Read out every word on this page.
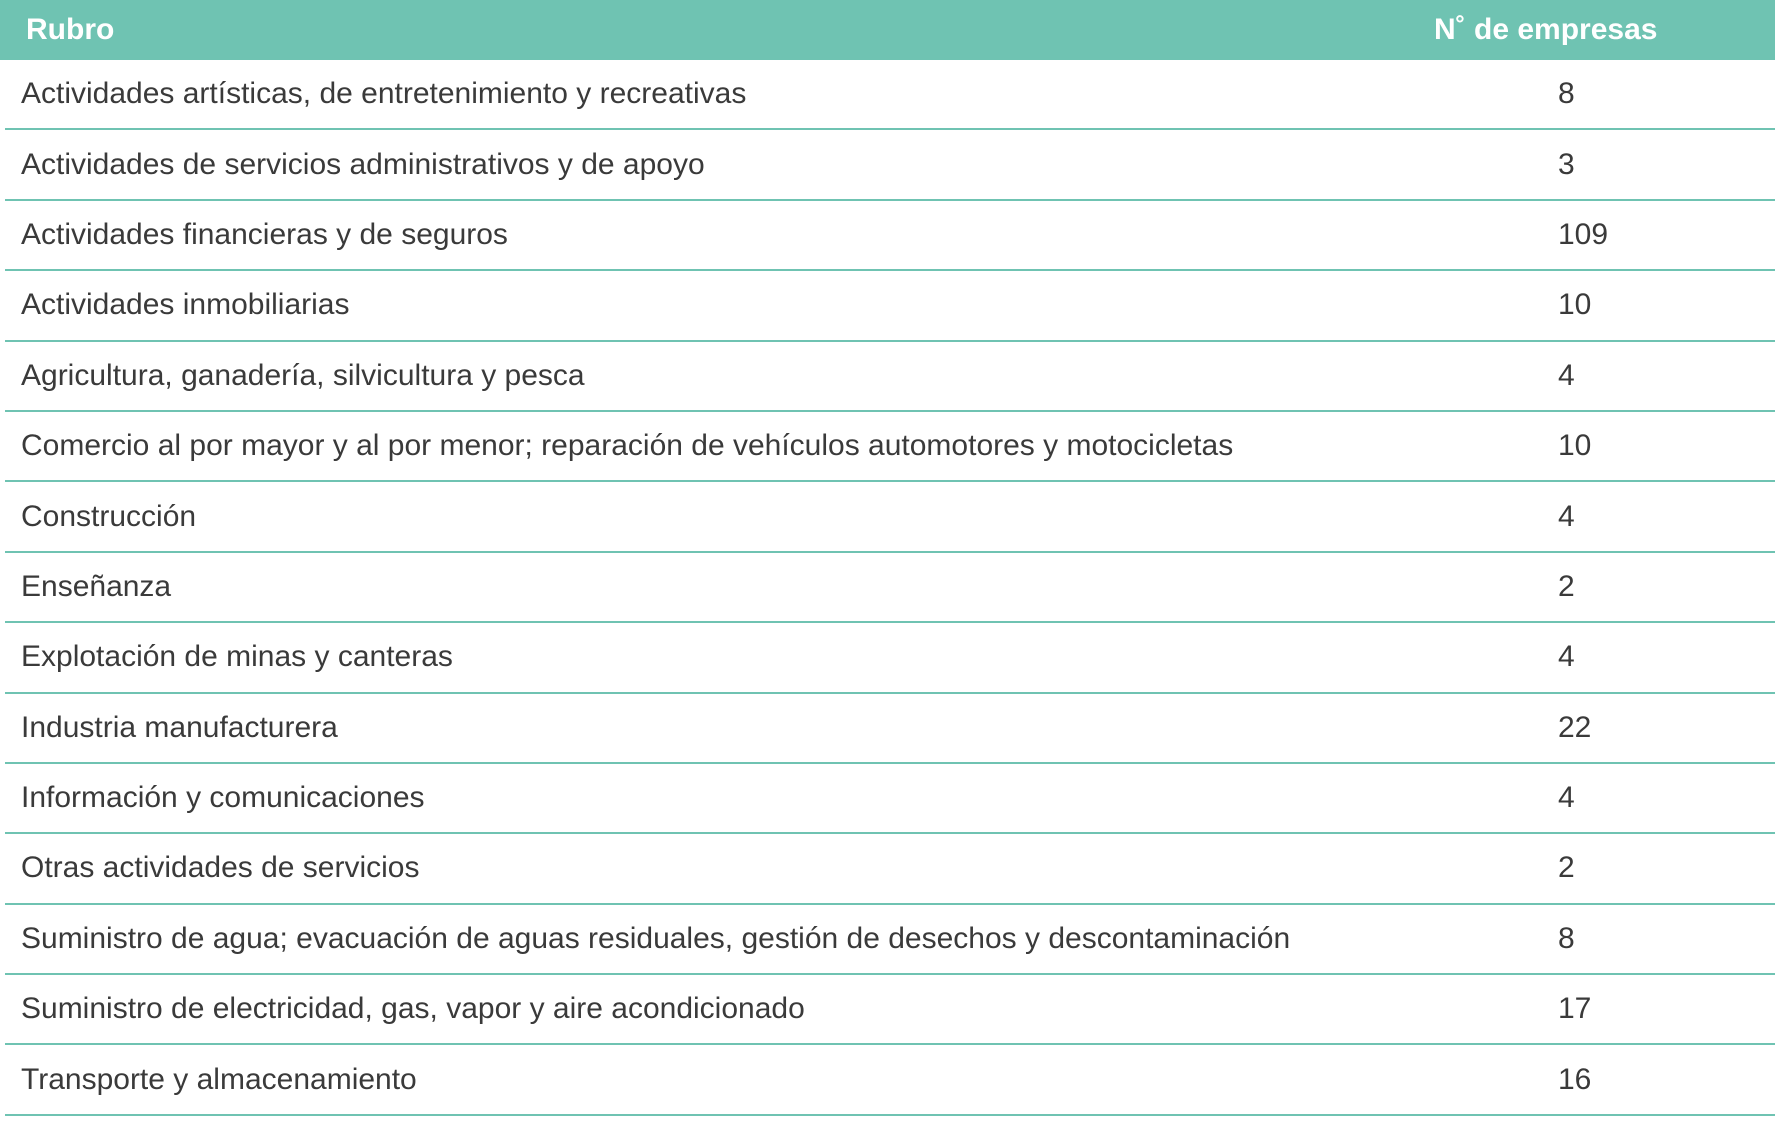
Rubro	N˚ de empresas
Actividades artísticas, de entretenimiento y recreativas	8
Actividades de servicios administrativos y de apoyo	3
Actividades financieras y de seguros	109
Actividades inmobiliarias	10
Agricultura, ganadería, silvicultura y pesca	4
Comercio al por mayor y al por menor; reparación de vehículos automotores y motocicletas	10
Construcción	4
Enseñanza	2
Explotación de minas y canteras	4
Industria manufacturera	22
Información y comunicaciones	4
Otras actividades de servicios	2
Suministro de agua; evacuación de aguas residuales, gestión de desechos y descontaminación	8
Suministro de electricidad, gas, vapor y aire acondicionado	17
Transporte y almacenamiento	16
